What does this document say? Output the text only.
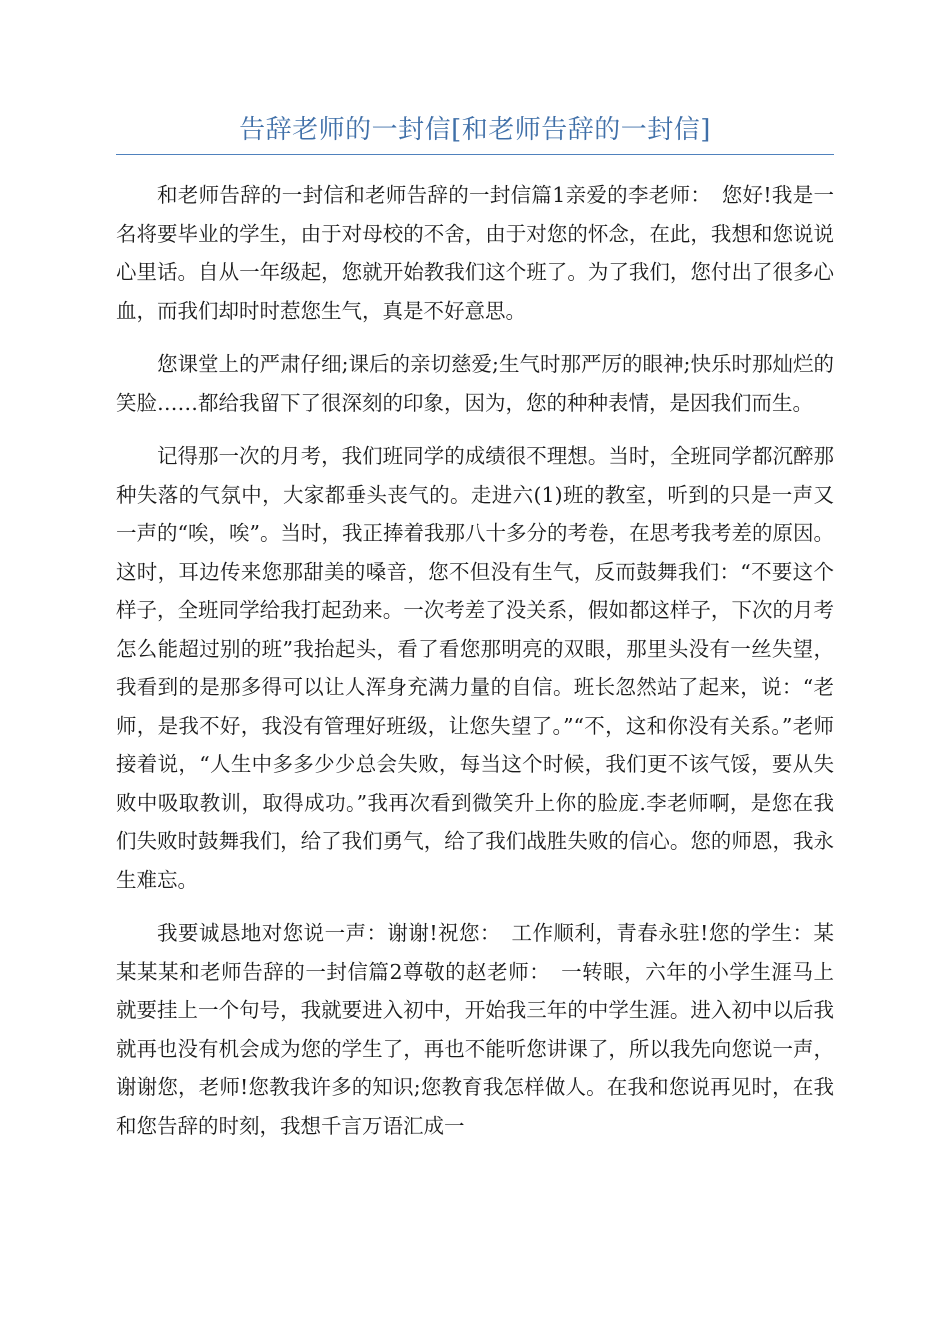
告辞老师的一封信[和老师告辞的一封信]

和老师告辞的一封信和老师告辞的一封信篇1亲爱的李老师：　您好!我是一名将要毕业的学生，由于对母校的不舍，由于对您的怀念，在此，我想和您说说心里话。自从一年级起，您就开始教我们这个班了。为了我们，您付出了很多心血，而我们却时时惹您生气，真是不好意思。

您课堂上的严肃仔细;课后的亲切慈爱;生气时那严厉的眼神;快乐时那灿烂的笑脸……都给我留下了很深刻的印象，因为，您的种种表情，是因我们而生。

记得那一次的月考，我们班同学的成绩很不理想。当时，全班同学都沉醉那种失落的气氛中，大家都垂头丧气的。走进六(1)班的教室，听到的只是一声又一声的“唉，唉”。当时，我正捧着我那八十多分的考卷，在思考我考差的原因。这时，耳边传来您那甜美的嗓音，您不但没有生气，反而鼓舞我们：“不要这个样子，全班同学给我打起劲来。一次考差了没关系，假如都这样子，下次的月考怎么能超过别的班”我抬起头，看了看您那明亮的双眼，那里头没有一丝失望，我看到的是那多得可以让人浑身充满力量的自信。班长忽然站了起来，说：“老师，是我不好，我没有管理好班级，让您失望了。”“不，这和你没有关系。”老师接着说，“人生中多多少少总会失败，每当这个时候，我们更不该气馁，要从失败中吸取教训，取得成功。”我再次看到微笑升上你的脸庞.李老师啊，是您在我们失败时鼓舞我们，给了我们勇气，给了我们战胜失败的信心。您的师恩，我永生难忘。

我要诚恳地对您说一声：谢谢!祝您：　工作顺利，青春永驻!您的学生：某某某某和老师告辞的一封信篇2尊敬的赵老师：　一转眼，六年的小学生涯马上就要挂上一个句号，我就要进入初中，开始我三年的中学生涯。进入初中以后我就再也没有机会成为您的学生了，再也不能听您讲课了，所以我先向您说一声，谢谢您，老师!您教我许多的知识;您教育我怎样做人。在我和您说再见时，在我和您告辞的时刻，我想千言万语汇成一
